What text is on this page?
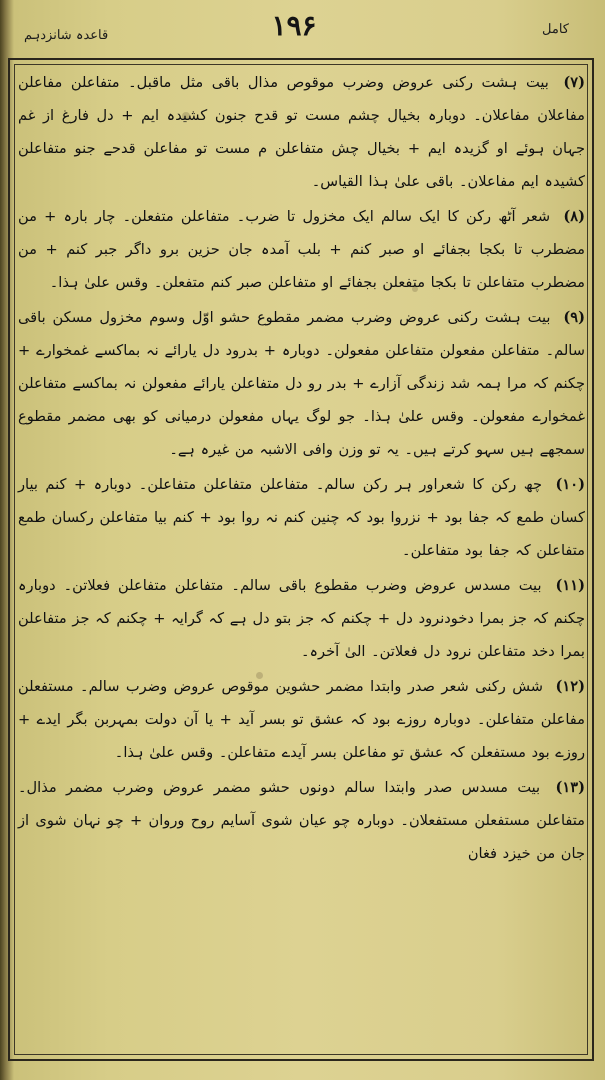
قاعدہ شانزدہم	۱۹۶	کامل

(۷) بیت ہشت رکنی عروض وضرب موقوص مذال باقی مثل ماقبل۔ متفاعلن مفاعلن مفاعلان مفاعلان۔ دوبارہ بخیال چشم مست تو قدح جنون کشیدہ ایم + دل فارغ از غم جہان ہوئے او گزیدہ ایم + بخیال چش متفاعلن م مست تو مفاعلن قدحے جنو متفاعلن کشیدہ ایم مفاعلان۔ باقی علیٰ ہذا القیاس۔

(۸) شعر آٹھ رکن کا ایک سالم ایک مخزول تا ضرب۔ متفاعلن متفعلن۔ چار بارہ + من مضطرب تا بکجا بجفائے او صبر کنم + بلب آمدہ جان حزین برو داگر جبر کنم + من مضطرب متفاعلن تا بکجا متفعلن بجفائے او متفاعلن صبر کنم متفعلن۔ وقس علیٰ ہذا۔

(۹) بیت ہشت رکنی عروض وضرب مضمر مقطوع حشو اوّل وسوم مخزول مسکن باقی سالم۔ متفاعلن مفعولن متفاعلن مفعولن۔ دوبارہ + بدرود دل یارائے نہ بماکسے غمخوارے + چکنم کہ مرا ہمہ شد زندگی آزارے + بدر رو دل متفاعلن یارائے مفعولن نہ بماکسے متفاعلن غمخوارے مفعولن۔ وقس علیٰ ہذا۔ جو لوگ یہاں مفعولن درمیانی کو بھی مضمر مقطوع سمجھے ہیں سہو کرتے ہیں۔ یہ تو وزن وافی الاشبہ من غیرہ ہے۔

(۱۰) چھ رکن کا شعراور ہر رکن سالم۔ متفاعلن متفاعلن متفاعلن۔ دوبارہ + کنم بیار کسان طمع کہ جفا بود + نزروا بود کہ چنین کنم نہ روا بود + کنم بیا متفاعلن رکسان طمع متفاعلن کہ جفا بود متفاعلن۔

(۱۱) بیت مسدس عروض وضرب مقطوع باقی سالم۔ متفاعلن متفاعلن فعلاتن۔ دوبارہ چکنم کہ جز بمرا دخودنرود دل + چکنم کہ جز بتو دل ہے کہ گرایہ + چکنم کہ جز متفاعلن بمرا دخد متفاعلن نرود دل فعلاتن۔ الیٰ آخرہ۔

(۱۲) شش رکنی شعر صدر وابتدا مضمر حشوین موقوص عروض وضرب سالم۔ مستفعلن مفاعلن متفاعلن۔ دوبارہ روزے بود کہ عشق تو بسر آید + یا آن دولت بمہربن بگر ایدے + روزے بود مستفعلن کہ عشق تو مفاعلن بسر آیدے متفاعلن۔ وقس علیٰ ہذا۔

(۱۳) بیت مسدس صدر وابتدا سالم دونوں حشو مضمر عروض وضرب مضمر مذال۔ متفاعلن مستفعلن مستفعلان۔ دوبارہ چو عیان شوی آسایم روح وروان + چو نہان شوی از جان من خیزد فغان
